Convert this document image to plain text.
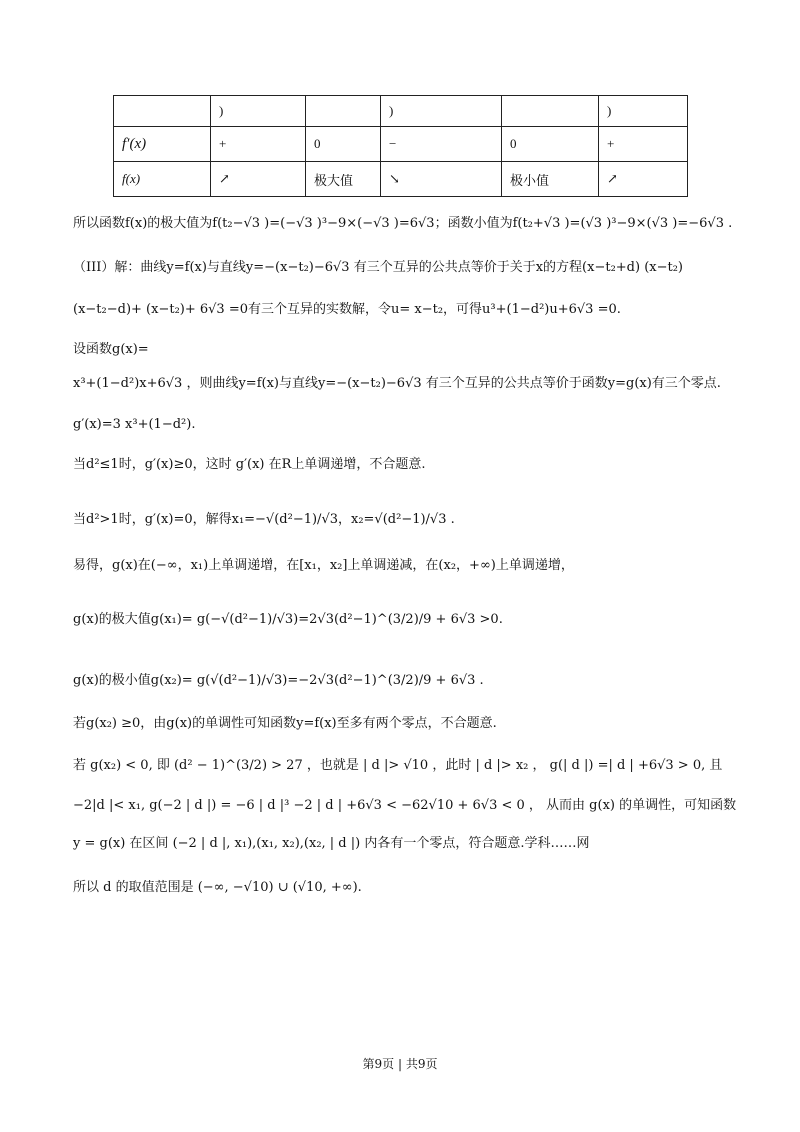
	)		)		)
f′(x)	+	0	−	0	+
f(x)	↗	极大值	↘	极小值	↗
所以函数f(x)的极大值为f(t₂−√3 )=(−√3 )³−9×(−√3 )=6√3；函数小值为f(t₂+√3 )=(√3 )³−9×(√3 )=−6√3 .
（III）解：曲线y=f(x)与直线y=−(x−t₂)−6√3 有三个互异的公共点等价于关于x的方程(x−t₂+d) (x−t₂)
(x−t₂−d)+ (x−t₂)+ 6√3 =0有三个互异的实数解，令u= x−t₂，可得u³+(1−d²)u+6√3 =0.
设函数g(x)=
x³+(1−d²)x+6√3 ，则曲线y=f(x)与直线y=−(x−t₂)−6√3 有三个互异的公共点等价于函数y=g(x)有三个零点.
g′(x)=3 x³+(1−d²).
当d²≤1时，g′(x)≥0，这时 g′(x) 在R上单调递增，不合题意.
当d²>1时，g′(x)=0，解得x₁=−√(d²−1)/√3，x₂=√(d²−1)/√3 .
易得，g(x)在(−∞，x₁)上单调递增，在[x₁，x₂]上单调递减，在(x₂，+∞)上单调递增，
g(x)的极大值g(x₁)= g(−√(d²−1)/√3)=2√3(d²−1)^(3/2)/9 + 6√3 >0.
g(x)的极小值g(x₂)= g(√(d²−1)/√3)=−2√3(d²−1)^(3/2)/9 + 6√3 .
若g(x₂) ≥0，由g(x)的单调性可知函数y=f(x)至多有两个零点，不合题意.
若 g(x₂) < 0, 即 (d² − 1)^(3/2) > 27 ，也就是 | d |> √10 ，此时 | d |> x₂ ， g(| d |) =| d | +6√3 > 0, 且
−2|d |< x₁, g(−2 | d |) = −6 | d |³ −2 | d | +6√3 < −62√10 + 6√3 < 0 ， 从而由 g(x) 的单调性，可知函数
y = g(x) 在区间 (−2 | d |, x₁),(x₁, x₂),(x₂, | d |) 内各有一个零点，符合题意.学科……网
所以 d 的取值范围是 (−∞, −√10) ∪ (√10, +∞).
第9页 | 共9页
